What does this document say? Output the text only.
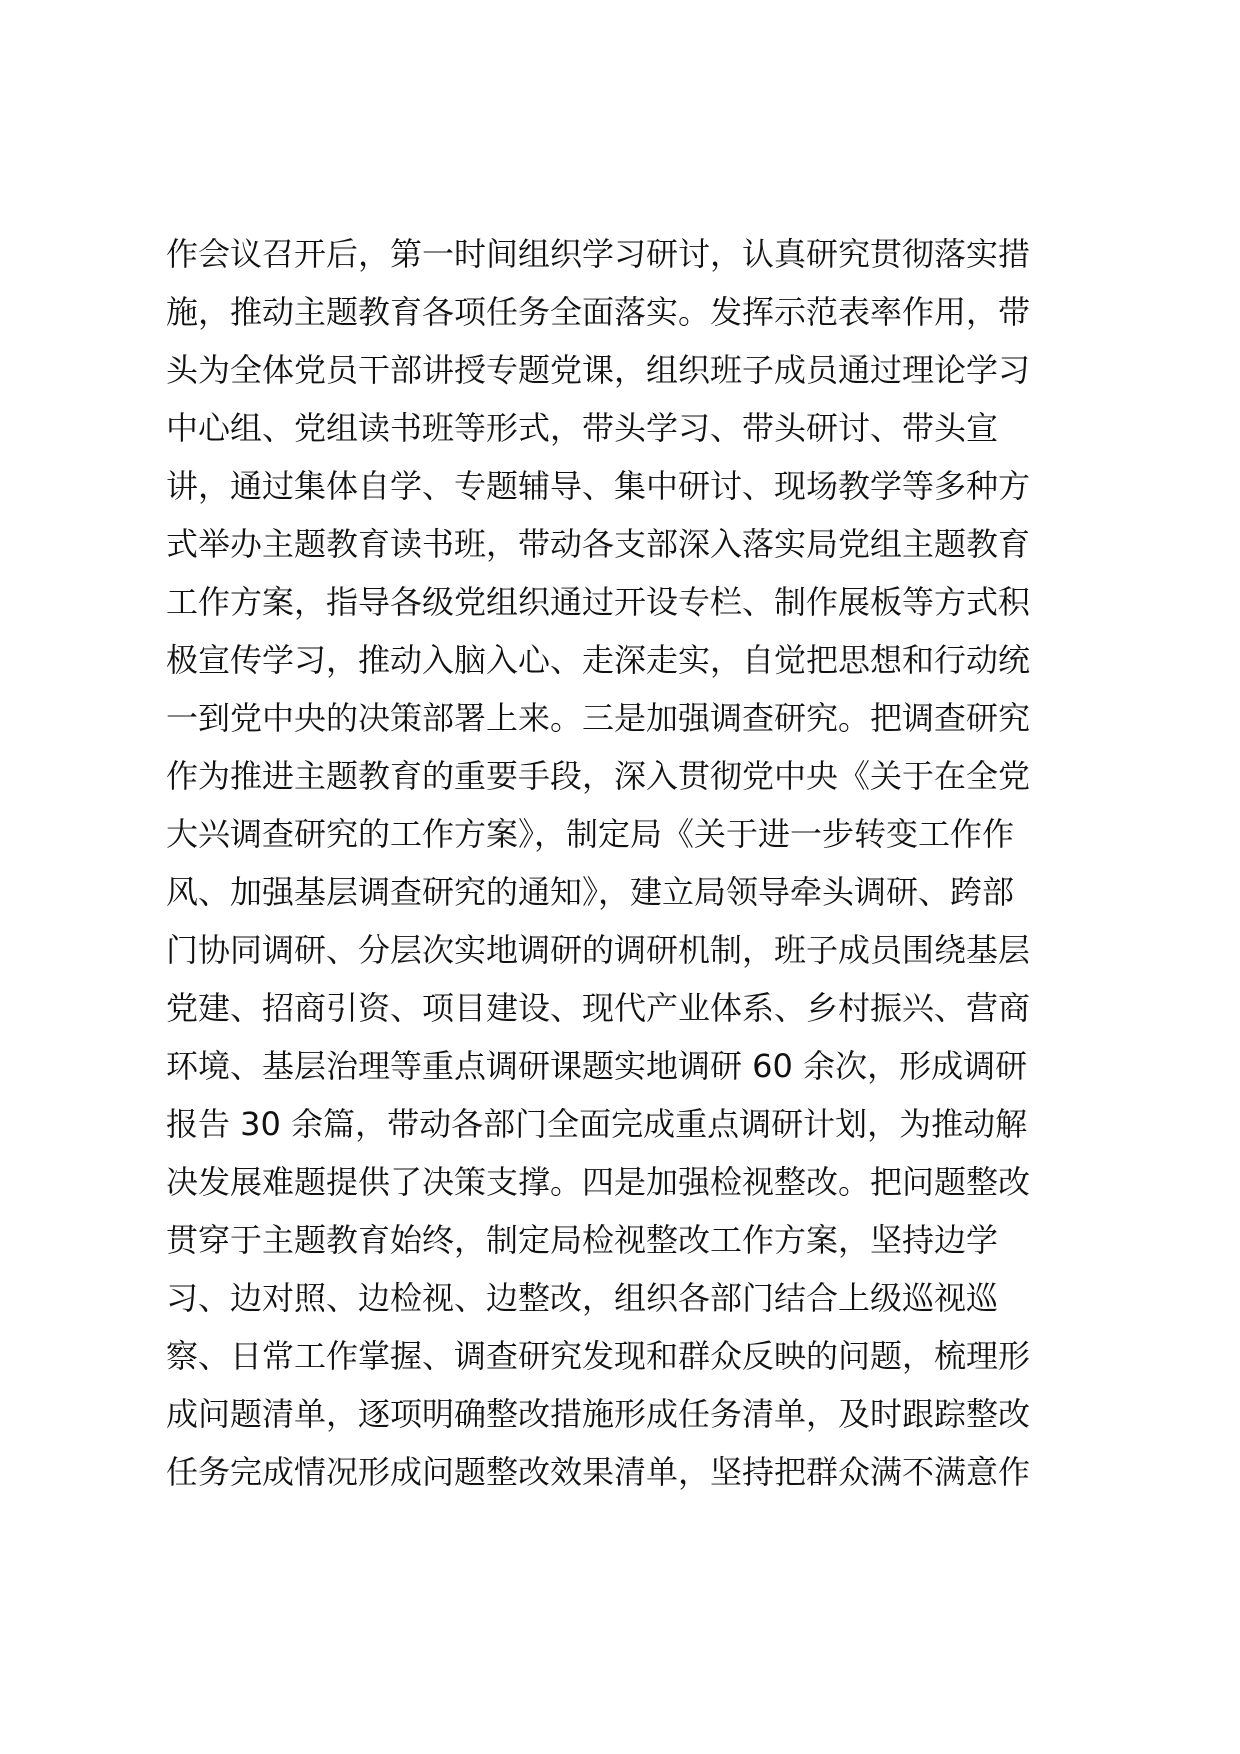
作会议召开后，第一时间组织学习研讨，认真研究贯彻落实措
施，推动主题教育各项任务全面落实。发挥示范表率作用，带
头为全体党员干部讲授专题党课，组织班子成员通过理论学习
中心组、党组读书班等形式，带头学习、带头研讨、带头宣
讲，通过集体自学、专题辅导、集中研讨、现场教学等多种方
式举办主题教育读书班，带动各支部深入落实局党组主题教育
工作方案，指导各级党组织通过开设专栏、制作展板等方式积
极宣传学习，推动入脑入心、走深走实，自觉把思想和行动统
一到党中央的决策部署上来。三是加强调查研究。把调查研究
作为推进主题教育的重要手段，深入贯彻党中央《关于在全党
大兴调查研究的工作方案》，制定局《关于进一步转变工作作
风、加强基层调查研究的通知》，建立局领导牵头调研、跨部
门协同调研、分层次实地调研的调研机制，班子成员围绕基层
党建、招商引资、项目建设、现代产业体系、乡村振兴、营商
环境、基层治理等重点调研课题实地调研 60 余次，形成调研
报告 30 余篇，带动各部门全面完成重点调研计划，为推动解
决发展难题提供了决策支撑。四是加强检视整改。把问题整改
贯穿于主题教育始终，制定局检视整改工作方案，坚持边学
习、边对照、边检视、边整改，组织各部门结合上级巡视巡
察、日常工作掌握、调查研究发现和群众反映的问题，梳理形
成问题清单，逐项明确整改措施形成任务清单，及时跟踪整改
任务完成情况形成问题整改效果清单，坚持把群众满不满意作
